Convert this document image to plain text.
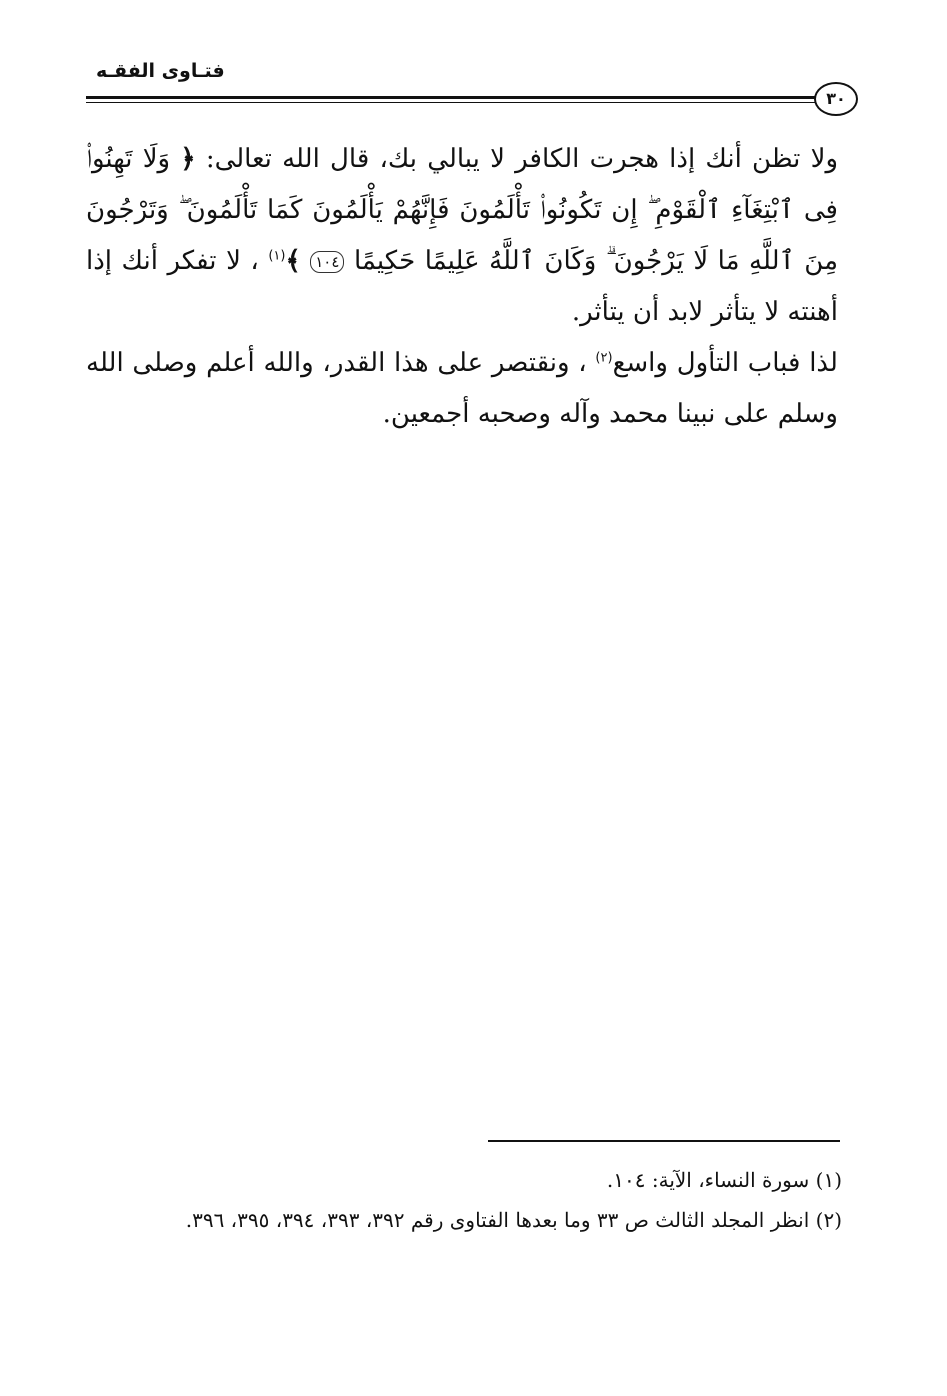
فتـاوى الفقـه
٣٠

ولا تظن أنك إذا هجرت الكافر لا يبالي بك، قال الله تعالى: ﴿ وَلَا تَهِنُوا۟ فِى ٱبْتِغَآءِ ٱلْقَوْمِ ۖ إِن تَكُونُوا۟ تَأْلَمُونَ فَإِنَّهُمْ يَأْلَمُونَ كَمَا تَأْلَمُونَ ۖ وَتَرْجُونَ مِنَ ٱللَّهِ مَا لَا يَرْجُونَ ۗ وَكَانَ ٱللَّهُ عَلِيمًا حَكِيمًا ١٠٤ ﴾$^{(١)}$ ، لا تفكر أنك إذا أهنته لا يتأثر لابد أن يتأثر.

لذا فباب التأول واسع$^{(٢)}$ ، ونقتصر على هذا القدر، والله أعلم وصلى الله وسلم على نبينا محمد وآله وصحبه أجمعين.

(١) سورة النساء، الآية: ١٠٤.

(٢) انظر المجلد الثالث ص ٣٣ وما بعدها الفتاوى رقم ٣٩٢، ٣٩٣، ٣٩٤، ٣٩٥، ٣٩٦.
